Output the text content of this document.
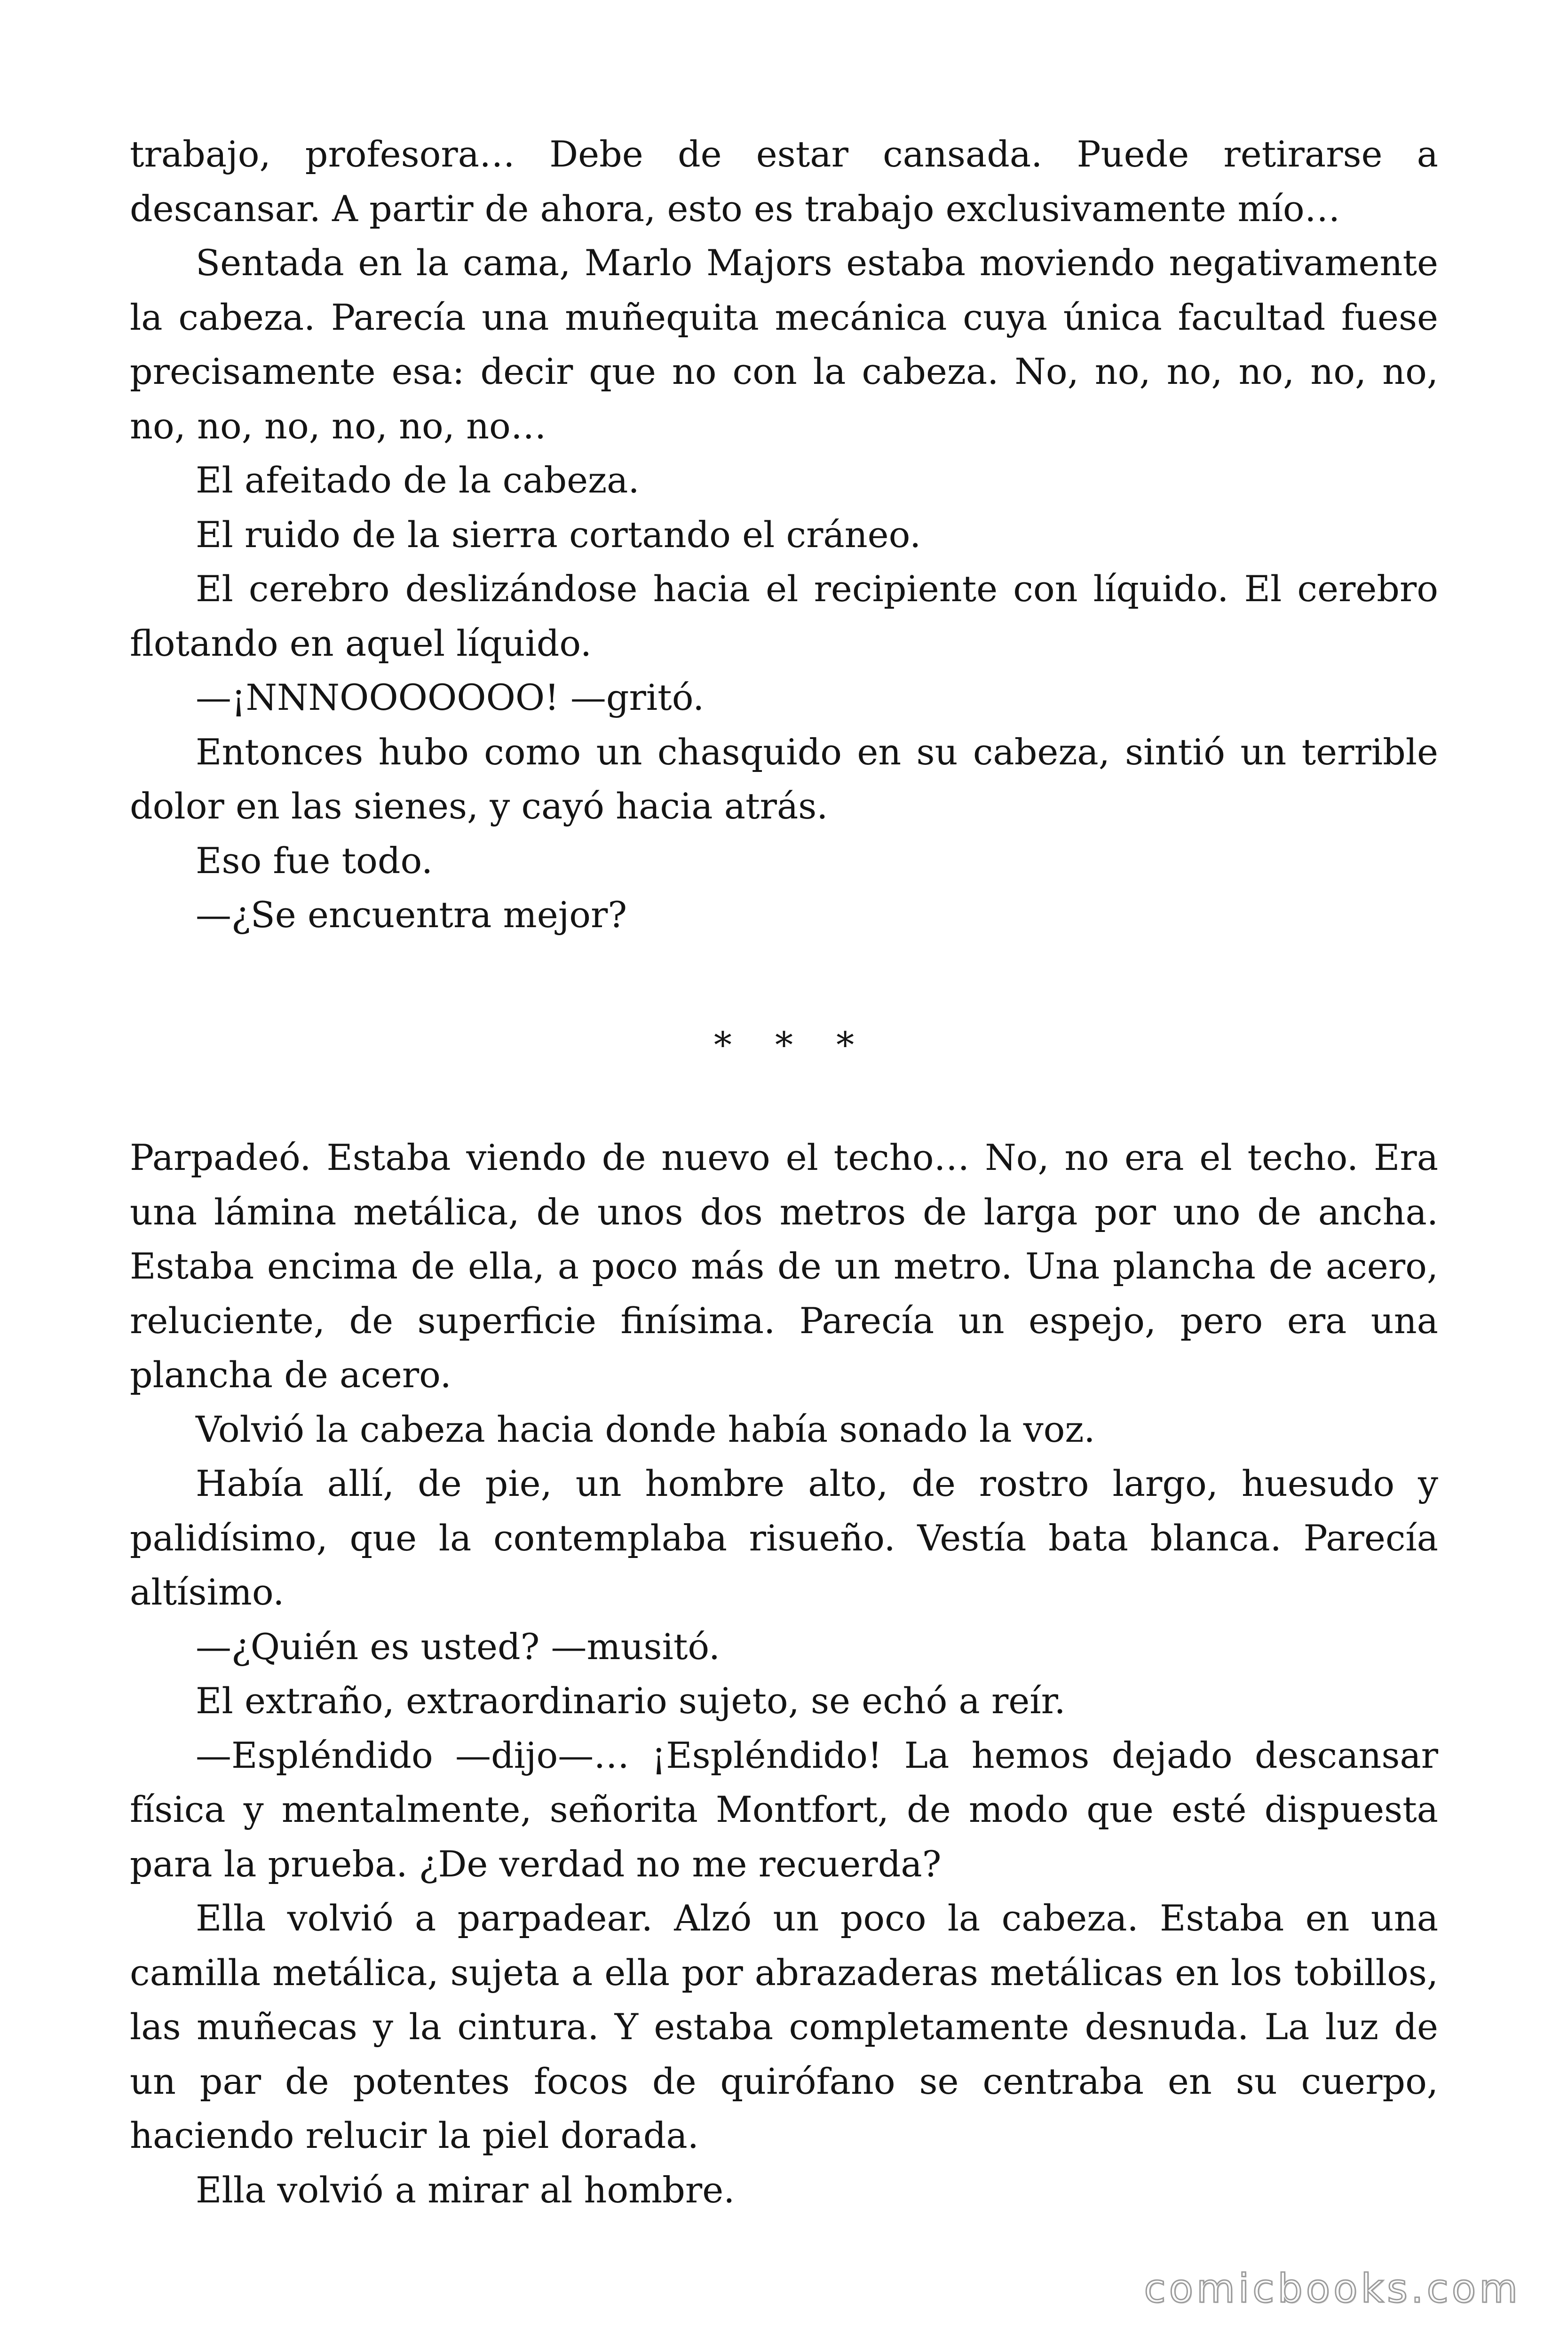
trabajo, profesora… Debe de estar cansada. Puede retirarse a descansar. A partir de ahora, esto es trabajo exclusivamente mío…

Sentada en la cama, Marlo Majors estaba moviendo negativamente la cabeza. Parecía una muñequita mecánica cuya única facultad fuese precisamente esa: decir que no con la cabeza. No, no, no, no, no, no, no, no, no, no, no, no…

El afeitado de la cabeza.

El ruido de la sierra cortando el cráneo.

El cerebro deslizándose hacia el recipiente con líquido. El cerebro flotando en aquel líquido.

—¡NNNOOOOOOO! —gritó.

Entonces hubo como un chasquido en su cabeza, sintió un terrible dolor en las sienes, y cayó hacia atrás.

Eso fue todo.

—¿Se encuentra mejor?

* * *

Parpadeó. Estaba viendo de nuevo el techo… No, no era el techo. Era una lámina metálica, de unos dos metros de larga por uno de ancha. Estaba encima de ella, a poco más de un metro. Una plancha de acero, reluciente, de superficie finísima. Parecía un espejo, pero era una plancha de acero.

Volvió la cabeza hacia donde había sonado la voz.

Había allí, de pie, un hombre alto, de rostro largo, huesudo y palidísimo, que la contemplaba risueño. Vestía bata blanca. Parecía altísimo.

—¿Quién es usted? —musitó.

El extraño, extraordinario sujeto, se echó a reír.

—Espléndido —dijo—… ¡Espléndido! La hemos dejado descansar física y mentalmente, señorita Montfort, de modo que esté dispuesta para la prueba. ¿De verdad no me recuerda?

Ella volvió a parpadear. Alzó un poco la cabeza. Estaba en una camilla metálica, sujeta a ella por abrazaderas metálicas en los tobillos, las muñecas y la cintura. Y estaba completamente desnuda. La luz de un par de potentes focos de quirófano se centraba en su cuerpo, haciendo relucir la piel dorada.

Ella volvió a mirar al hombre.

comicbooks.com
